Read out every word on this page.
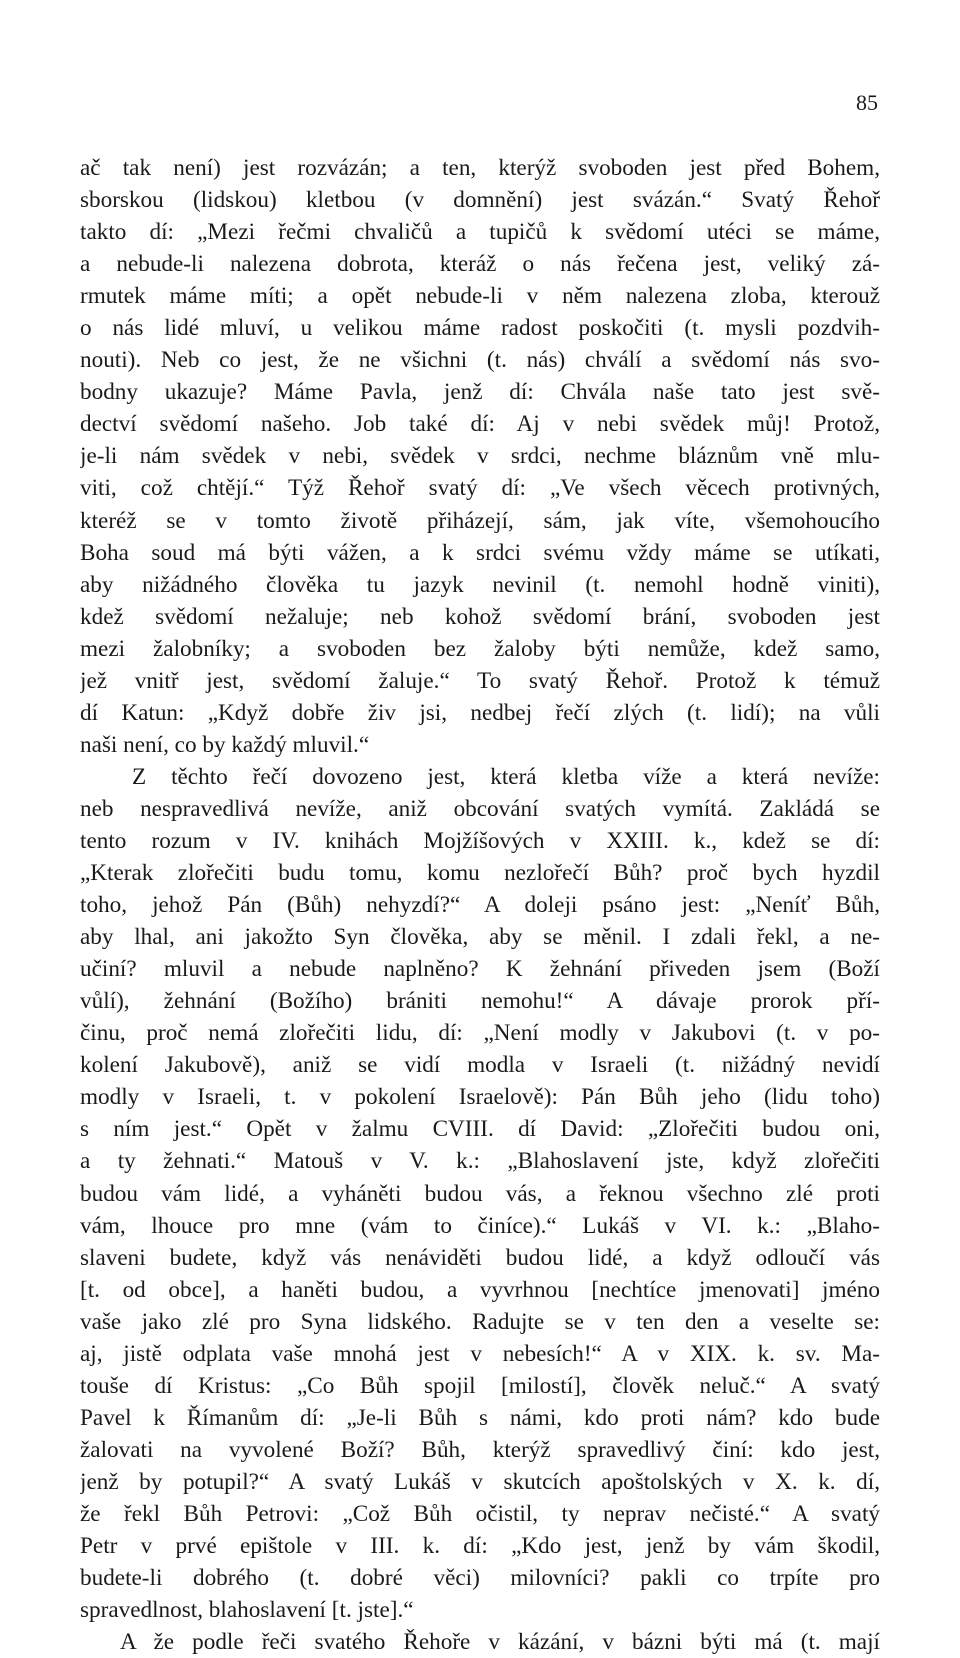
85
ač tak není) jest rozvázán; a ten, kterýž svoboden jest před Bohem,
sborskou (lidskou) kletbou (v domnění) jest svázán.“ Svatý Řehoř
takto dí: „Mezi řečmi chvaličů a tupičů k svědomí utéci se máme,
a nebude-li nalezena dobrota, kteráž o nás řečena jest, veliký zá-
rmutek máme míti; a opět nebude-li v něm nalezena zloba, kterouž
o nás lidé mluví, u velikou máme radost poskočiti (t. mysli pozdvih-
nouti). Neb co jest, že ne všichni (t. nás) chválí a svědomí nás svo-
bodny ukazuje? Máme Pavla, jenž dí: Chvála naše tato jest svě-
dectví svědomí našeho. Job také dí: Aj v nebi svědek můj! Protož,
je-li nám svědek v nebi, svědek v srdci, nechme bláznům vně mlu-
viti, což chtějí.“ Týž Řehoř svatý dí: „Ve všech věcech protivných,
kteréž se v tomto životě přiházejí, sám, jak víte, všemohoucího
Boha soud má býti vážen, a k srdci svému vždy máme se utíkati,
aby nižádného člověka tu jazyk nevinil (t. nemohl hodně viniti),
kdež svědomí nežaluje; neb kohož svědomí brání, svoboden jest
mezi žalobníky; a svoboden bez žaloby býti nemůže, kdež samo,
jež vnitř jest, svědomí žaluje.“ To svatý Řehoř. Protož k témuž
dí Katun: „Když dobře živ jsi, nedbej řečí zlých (t. lidí); na vůli
naši není, co by každý mluvil.“
Z těchto řečí dovozeno jest, která kletba víže a která nevíže:
neb nespravedlivá nevíže, aniž obcování svatých vymítá. Zakládá se
tento rozum v IV. knihách Mojžíšových v XXIII. k., kdež se dí:
„Kterak zlořečiti budu tomu, komu nezlořečí Bůh? proč bych hyzdil
toho, jehož Pán (Bůh) nehyzdí?“ A doleji psáno jest: „Neníť Bůh,
aby lhal, ani jakožto Syn člověka, aby se měnil. I zdali řekl, a ne-
učiní? mluvil a nebude naplněno? K žehnání přiveden jsem (Boží
vůlí), žehnání (Božího) brániti nemohu!“ A dávaje prorok pří-
činu, proč nemá zlořečiti lidu, dí: „Není modly v Jakubovi (t. v po-
kolení Jakubově), aniž se vidí modla v Israeli (t. nižádný nevidí
modly v Israeli, t. v pokolení Israelově): Pán Bůh jeho (lidu toho)
s ním jest.“ Opět v žalmu CVIII. dí David: „Zlořečiti budou oni,
a ty žehnati.“ Matouš v V. k.: „Blahoslavení jste, když zlořečiti
budou vám lidé, a vyháněti budou vás, a řeknou všechno zlé proti
vám, lhouce pro mne (vám to činíce).“ Lukáš v VI. k.: „Blaho-
slaveni budete, když vás nenáviděti budou lidé, a když odloučí vás
[t. od obce], a haněti budou, a vyvrhnou [nechtíce jmenovati] jméno
vaše jako zlé pro Syna lidského. Radujte se v ten den a veselte se:
aj, jistě odplata vaše mnohá jest v nebesích!“ A v XIX. k. sv. Ma-
touše dí Kristus: „Co Bůh spojil [milostí], člověk neluč.“ A svatý
Pavel k Římanům dí: „Je-li Bůh s námi, kdo proti nám? kdo bude
žalovati na vyvolené Boží? Bůh, kterýž spravedlivý činí: kdo jest,
jenž by potupil?“ A svatý Lukáš v skutcích apoštolských v X. k. dí,
že řekl Bůh Petrovi: „Což Bůh očistil, ty neprav nečisté.“ A svatý
Petr v prvé epištole v III. k. dí: „Kdo jest, jenž by vám škodil,
budete-li dobrého (t. dobré věci) milovníci? pakli co trpíte pro
spravedlnost, blahoslavení [t. jste].“
A že podle řeči svatého Řehoře v kázání, v bázni býti má (t. mají
